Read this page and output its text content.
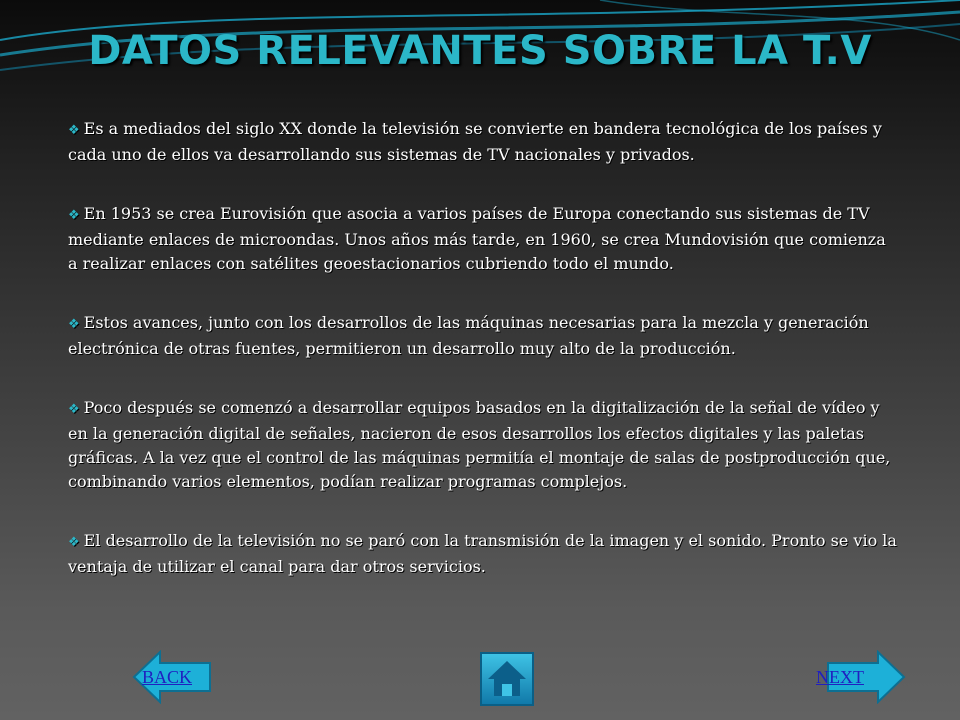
DATOS RELEVANTES SOBRE LA T.V

❖ Es a mediados del siglo XX donde la televisión se convierte en bandera tecnológica de los países y cada uno de ellos va desarrollando sus sistemas de TV nacionales y privados.

❖ En 1953 se crea Eurovisión que asocia a varios países de Europa conectando sus sistemas de TV mediante enlaces de microondas. Unos años más tarde, en 1960, se crea Mundovisión que comienza a realizar enlaces con satélites geoestacionarios cubriendo todo el mundo.

❖ Estos avances, junto con los desarrollos de las máquinas necesarias para la mezcla y generación electrónica de otras fuentes, permitieron un desarrollo muy alto de la producción.

❖ Poco después se comenzó a desarrollar equipos basados en la digitalización de la señal de vídeo y en la generación digital de señales, nacieron de esos desarrollos los efectos digitales y las paletas gráficas. A la vez que el control de las máquinas permitía el montaje de salas de postproducción que, combinando varios elementos, podían realizar programas complejos.

❖ El desarrollo de la televisión no se paró con la transmisión de la imagen y el sonido. Pronto se vio la ventaja de utilizar el canal para dar otros servicios.

BACK	NEXT
